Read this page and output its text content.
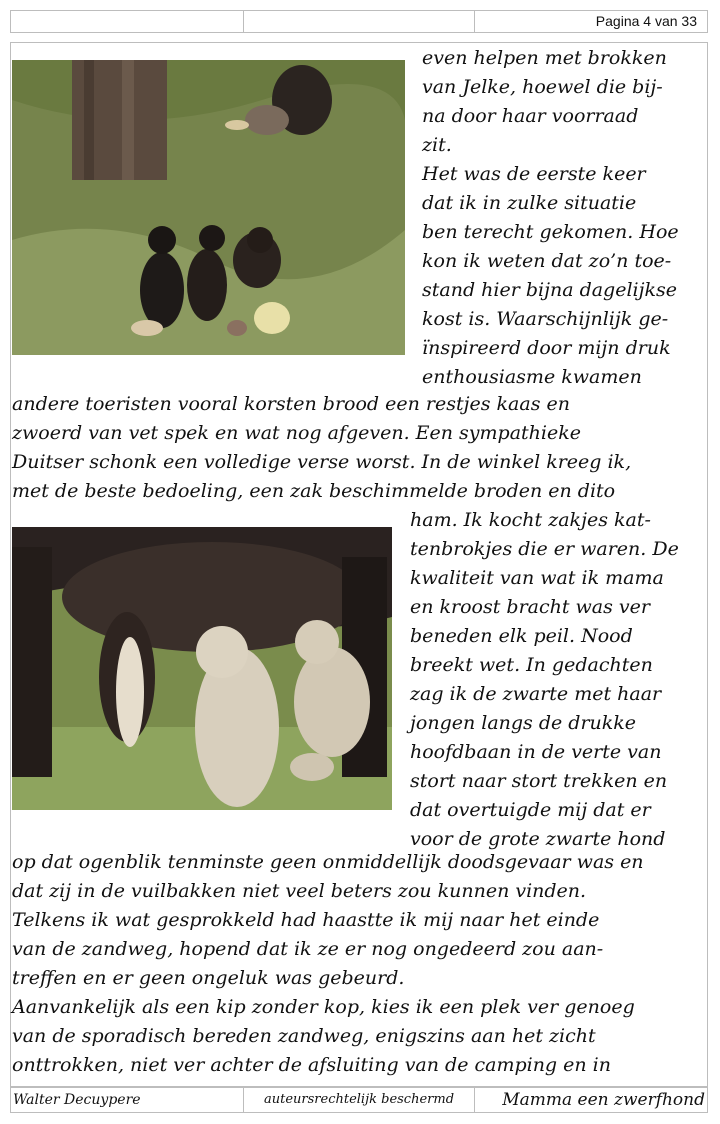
Pagina 4 van 33
even helpen met brokken
van Jelke, hoewel die bij-
na door haar voorraad
zit.
Het was de eerste keer
dat ik in zulke situatie
ben terecht gekomen. Hoe
kon ik weten dat zo’n toe-
stand hier bijna dagelijkse
kost is. Waarschijnlijk ge-
ïnspireerd door mijn druk
enthousiasme kwamen
andere toeristen vooral korsten brood een restjes kaas en
zwoerd van vet spek en wat nog afgeven. Een sympathieke
Duitser schonk een volledige verse worst. In de winkel kreeg ik,
met de beste bedoeling, een zak beschimmelde broden en dito
ham. Ik kocht zakjes kat-
tenbrokjes die er waren. De
kwaliteit van wat ik mama
en kroost bracht was ver
beneden elk peil. Nood
breekt wet. In gedachten
zag ik de zwarte met haar
jongen langs de drukke
hoofdbaan in de verte van
stort naar stort trekken en
dat overtuigde mij dat er
voor de grote zwarte hond
op dat ogenblik tenminste geen onmiddellijk doodsgevaar was en
dat zij in de vuilbakken niet veel beters zou kunnen vinden.
Telkens ik wat gesprokkeld had haastte ik mij naar het einde
van de zandweg, hopend dat ik ze er nog ongedeerd zou aan-
treffen en er geen ongeluk was gebeurd.
Aanvankelijk als een kip zonder kop, kies ik een plek ver genoeg
van de sporadisch bereden zandweg, enigszins aan het zicht
onttrokken, niet ver achter de afsluiting van de camping en in
Walter Decuypere	auteursrechtelijk beschermd	Mamma een zwerfhond
